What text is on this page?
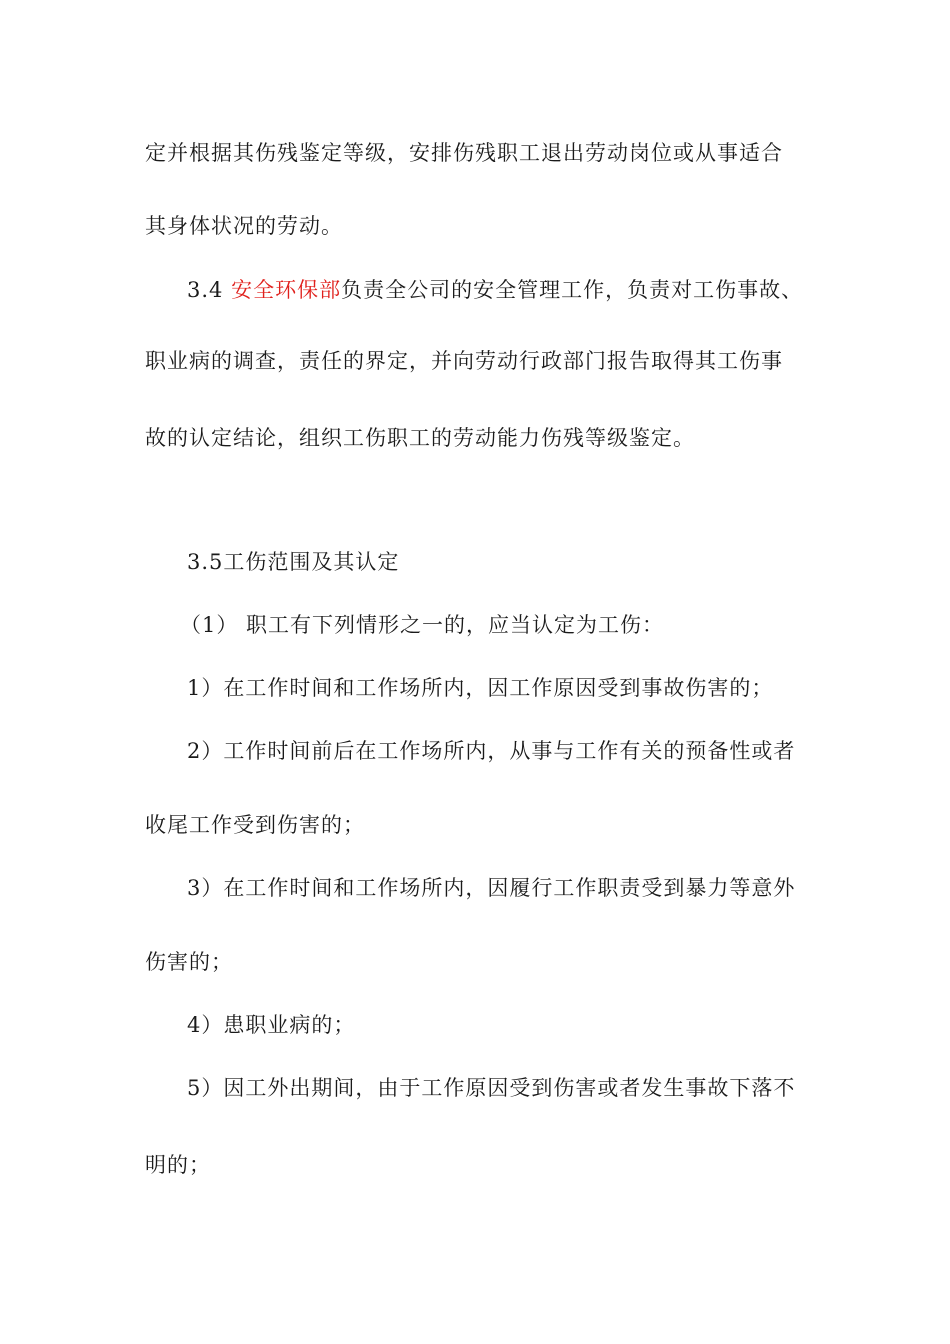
定并根据其伤残鉴定等级，安排伤残职工退出劳动岗位或从事适合
其身体状况的劳动。
3.4 安全环保部负责全公司的安全管理工作，负责对工伤事故、
职业病的调查，责任的界定，并向劳动行政部门报告取得其工伤事
故的认定结论，组织工伤职工的劳动能力伤残等级鉴定。
3.5工伤范围及其认定
（1） 职工有下列情形之一的，应当认定为工伤：
1）在工作时间和工作场所内，因工作原因受到事故伤害的；
2）工作时间前后在工作场所内，从事与工作有关的预备性或者
收尾工作受到伤害的；
3）在工作时间和工作场所内，因履行工作职责受到暴力等意外
伤害的；
4）患职业病的；
5）因工外出期间，由于工作原因受到伤害或者发生事故下落不
明的；
